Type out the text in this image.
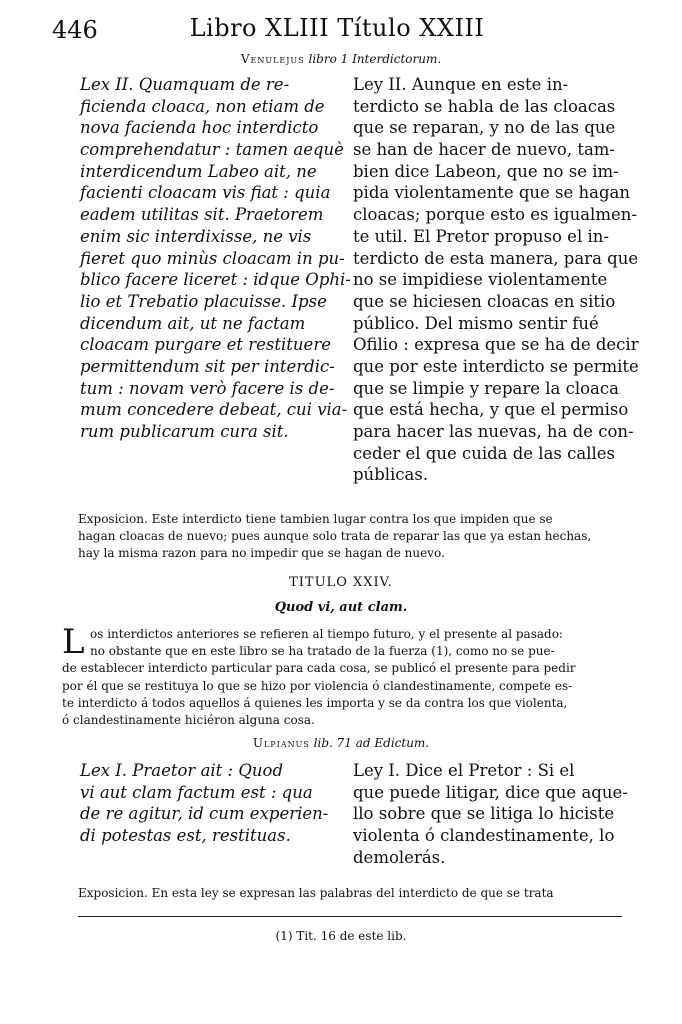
446	Libro XLIII Título XXIII
Venulejus libro 1 Interdictorum.
Lex II. Quamquam de re-
ficienda cloaca, non etiam de
nova facienda hoc interdicto
comprehendatur : tamen aequè
interdicendum Labeo ait, ne
facienti cloacam vis fiat : quia
eadem utilitas sit. Praetorem
enim sic interdixisse, ne vis
fieret quo minùs cloacam in pu-
blico facere liceret : idque Ophi-
lio et Trebatio placuisse. Ipse
dicendum ait, ut ne factam
cloacam purgare et restituere
permittendum sit per interdic-
tum : novam verò facere is de-
mum concedere debeat, cui via-
rum publicarum cura sit.
Ley II. Aunque en este in-
terdicto se habla de las cloacas
que se reparan, y no de las que
se han de hacer de nuevo, tam-
bien dice Labeon, que no se im-
pida violentamente que se hagan
cloacas; porque esto es igualmen-
te util. El Pretor propuso el in-
terdicto de esta manera, para que
no se impidiese violentamente
que se hiciesen cloacas en sitio
público. Del mismo sentir fué
Ofilio : expresa que se ha de decir
que por este interdicto se permite
que se limpie y repare la cloaca
que está hecha, y que el permiso
para hacer las nuevas, ha de con-
ceder el que cuida de las calles
públicas.
Exposicion. Este interdicto tiene tambien lugar contra los que impiden que se
hagan cloacas de nuevo; pues aunque solo trata de reparar las que ya estan hechas,
hay la misma razon para no impedir que se hagan de nuevo.
TITULO XXIV.
Quod vi, aut clam.
L os interdictos anteriores se refieren al tiempo futuro, y el presente al pasado:
no obstante que en este libro se ha tratado de la fuerza (1), como no se pue-
de establecer interdicto particular para cada cosa, se publicó el presente para pedir
por él que se restituya lo que se hizo por violencia ó clandestinamente, compete es-
te interdicto á todos aquellos á quienes les importa y se da contra los que violenta,
ó clandestinamente hiciéron alguna cosa.
Ulpianus lib. 71 ad Edictum.
Lex I. Praetor ait : Quod
vi aut clam factum est : qua
de re agitur, id cum experien-
di potestas est, restituas.
Ley I. Dice el Pretor : Si el
que puede litigar, dice que aque-
llo sobre que se litiga lo hiciste
violenta ó clandestinamente, lo
demolerás.
Exposicion. En esta ley se expresan las palabras del interdicto de que se trata
(1) Tit. 16 de este lib.
